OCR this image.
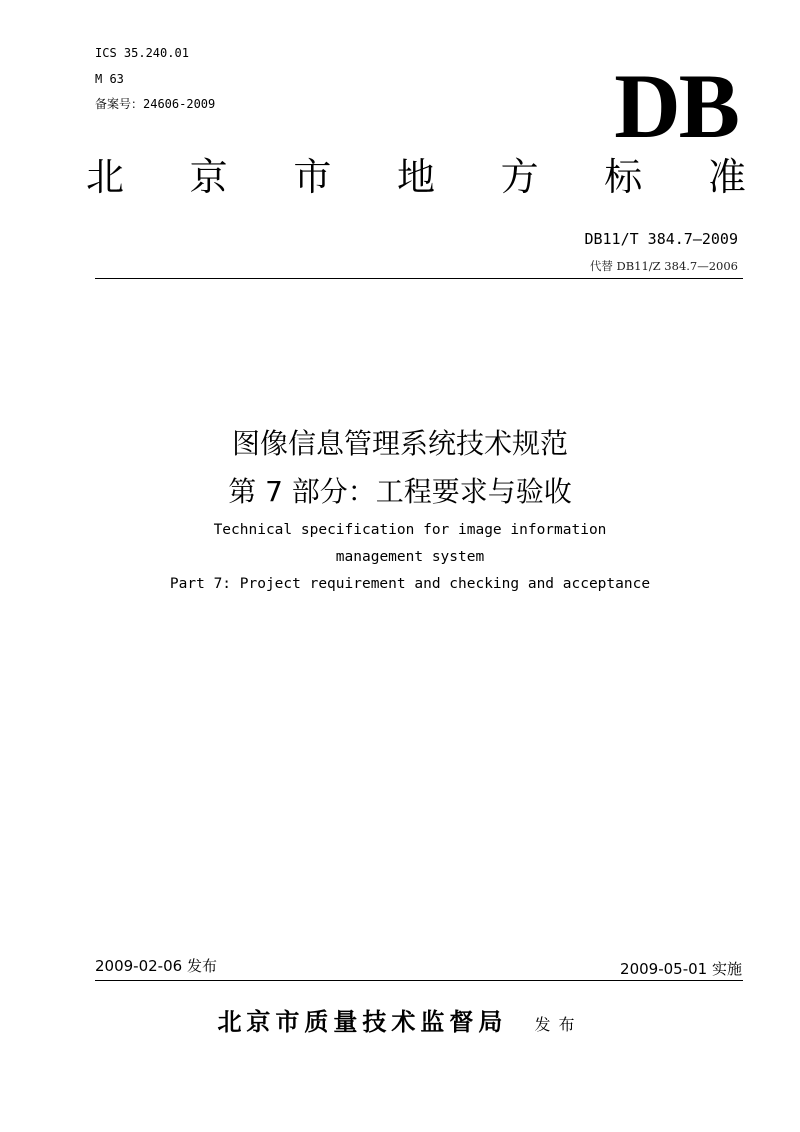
ICS 35.240.01
M 63
备案号：24606-2009	DB
北 京 市 地 方 标 准
DB11/T 384.7—2009
代替 DB11/Z 384.7—2006
图像信息管理系统技术规范
第 7 部分：工程要求与验收
Technical specification for image information
management system
Part 7: Project requirement and checking and acceptance
2009-02-06 发布	2009-05-01 实施
北京市质量技术监督局 发布
